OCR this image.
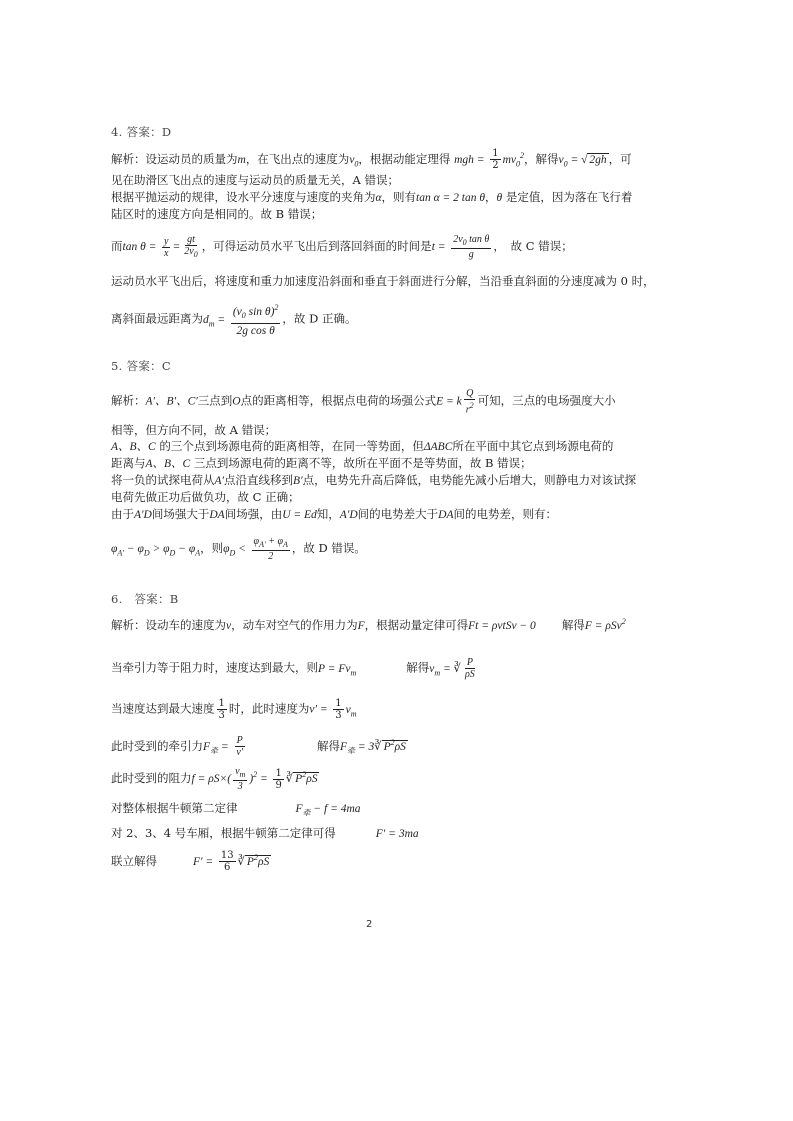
4. 答案：D
解析：设运动员的质量为m，在飞出点的速度为$v_0$，根据动能定理得 mgh = $\frac{1}{2} mv_0^2$，解得$v_0$ = √ 2gh ，可
见在助滑区飞出点的速度与运动员的质量无关，A 错误；
根据平抛运动的规律，设水平分速度与速度的夹角为α，则有tan α = 2 tan θ，θ 是定值，因为落在飞行着
陆区时的速度方向是相同的。故 B 错误；
而$\tan \theta = \frac{y}{x} = \frac{gt}{2v_0}$ ，可得运动员水平飞出后到落回斜面的时间是$t = \frac{2v_0 \tan \theta}{g}$ ，　故 C 错误；
运动员水平飞出后，将速度和重力加速度沿斜面和垂直于斜面进行分解，当沿垂直斜面的分速度减为 0 时，
离斜面最远距离为$d_m = \frac{(v_0 \sin \theta)^2}{\text{2g cos θ}}$ ，故 D 正确。
5. 答案：C
解析：A′、B′、C′三点到O点的距离相等，根据点电荷的场强公式E = k $\frac{Q}{r^2}$ 可知，三点的电场强度大小
相等，但方向不同，故 A 错误；
A、B、C 的三个点到场源电荷的距离相等，在同一等势面，但ΔABC所在平面中其它点到场源电荷的
距离与A、B、C 三点到场源电荷的距离不等，故所在平面不是等势面，故 B 错误；
将一负的试探电荷从A′点沿直线移到B′点，电势先升高后降低，电势能先减小后增大，则静电力对该试探
电荷先做正功后做负功，故 C 正确；
由于A′D间场强大于DA间场强，由U = Ed知，A′D间的电势差大于DA间的电势差，则有：
$\varphi_{A'} - \varphi_D > \varphi_D - \varphi_A$，则$\varphi_D < \frac{\varphi_{A'} + \varphi_A}{2}$ ，故 D 错误。
6.　答案：B
解析：设动车的速度为v，动车对空气的作用力为F，根据动量定律可得Ft = ρvtSv − 0 解得F = ρSv$^2$
当牵引力等于阻力时，速度达到最大，则$P = Fv_m$	解得$v_m$ = ∛ $\frac{P}{\rho S}$
当速度达到最大速度 $\frac{1}{3}$ 时，此时速度为$v' = \frac{1}{3} v_m$
此时受到的牵引力$F_牵 = \frac{P}{v'}$	解得$F_牵$ = 3∛ $P^2\rho S$
此时受到的阻力$f = \rho S\times( \frac{v_m}{3} )^2 = \frac{1}{9}$ ∛ $P^2\rho S$
对整体根据牛顿第二定律	$F_牵 - f = 4ma$
对 2、3、4 号车厢，根据牛顿第二定律可得	F′ = 3ma
联立解得	$F' = \frac{13}{6}$ ∛ $P^2\rho S$
2
